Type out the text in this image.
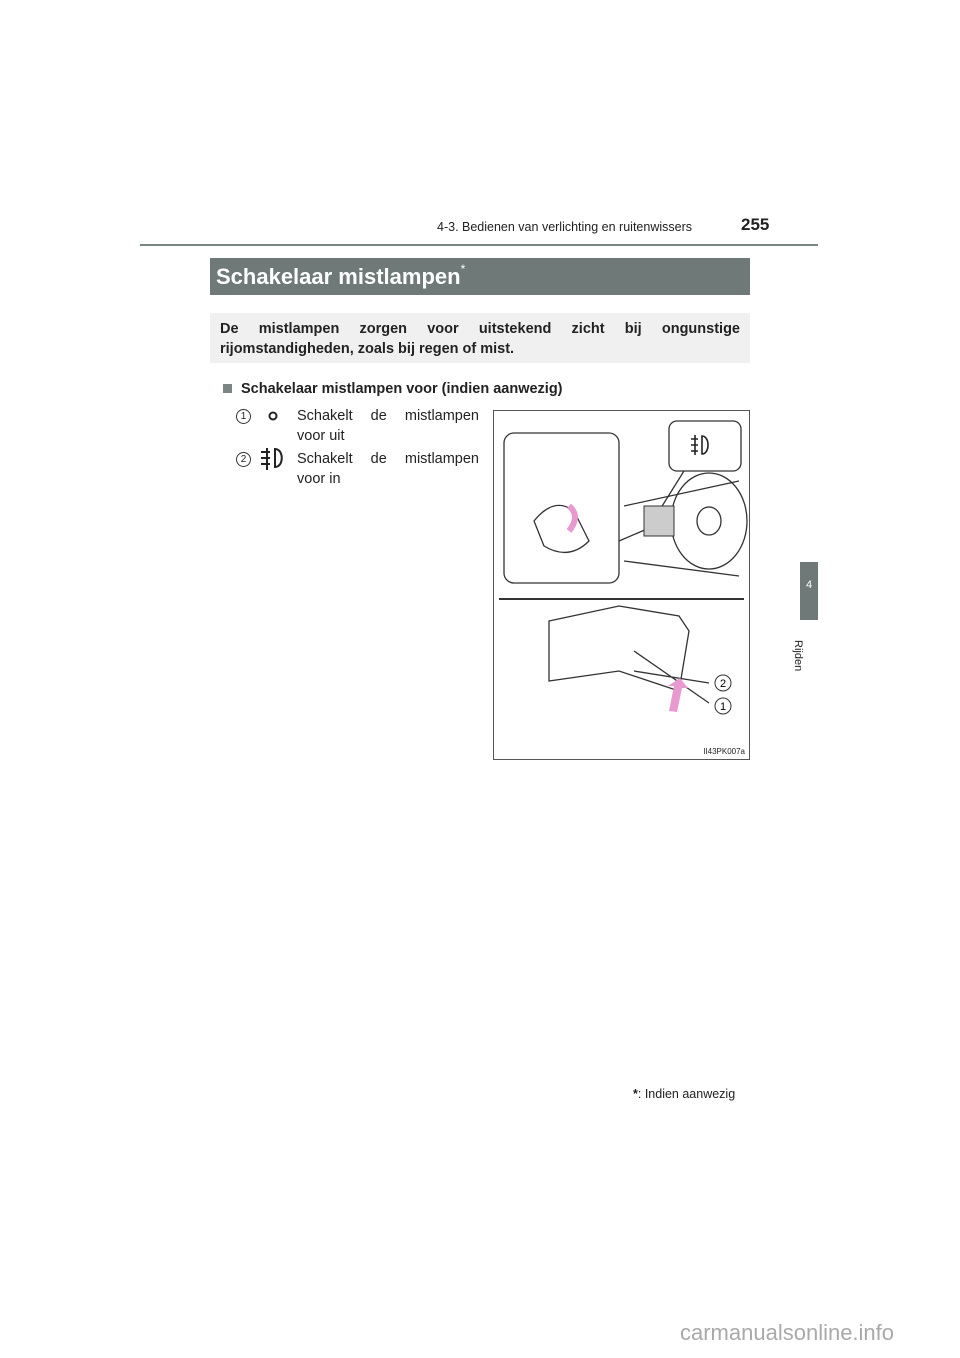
4-3. Bedienen van verlichting en ruitenwissers	255
Schakelaar mistlampen*
De mistlampen zorgen voor uitstekend zicht bij ongunstige rijomstandigheden, zoals bij regen of mist.
Schakelaar mistlampen voor (indien aanwezig)
1	Schakelt de mistlampen
voor uit
2	Schakelt de mistlampen
voor in
2
1
II43PK007a
4
Rijden
*: Indien aanwezig
carmanualsonline.info
